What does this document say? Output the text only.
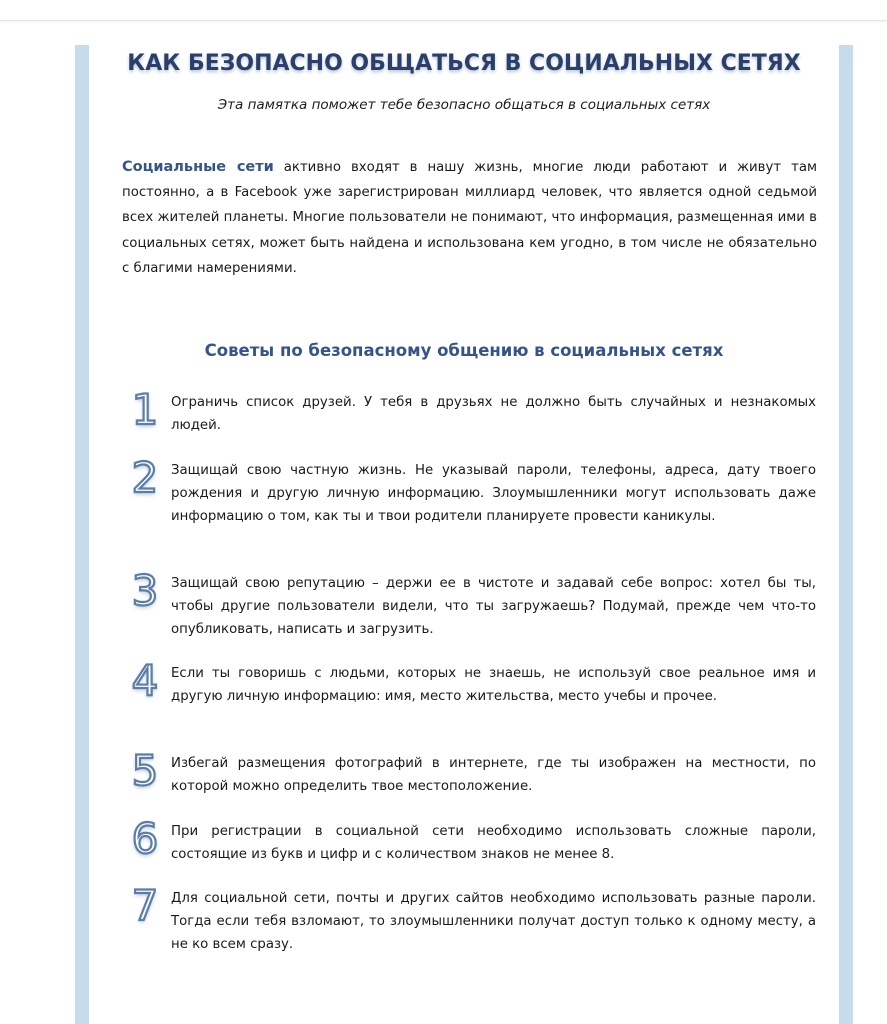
КАК БЕЗОПАСНО ОБЩАТЬСЯ В СОЦИАЛЬНЫХ СЕТЯХ
Эта памятка поможет тебе безопасно общаться в социальных сетях
Социальные сети активно входят в нашу жизнь, многие люди работают и живут там постоянно, а в Facebook уже зарегистрирован миллиард человек, что является одной седьмой всех жителей планеты. Многие пользователи не понимают, что информация, размещенная ими в социальных сетях, может быть найдена и использована кем угодно, в том числе не обязательно с благими намерениями.
Советы по безопасному общению в социальных сетях
1 Ограничь список друзей. У тебя в друзьях не должно быть случайных и незнакомых людей.
2 Защищай свою частную жизнь. Не указывай пароли, телефоны, адреса, дату твоего рождения и другую личную информацию. Злоумышленники могут использовать даже информацию о том, как ты и твои родители планируете провести каникулы.
3 Защищай свою репутацию – держи ее в чистоте и задавай себе вопрос: хотел бы ты, чтобы другие пользователи видели, что ты загружаешь? Подумай, прежде чем что-то опубликовать, написать и загрузить.
4 Если ты говоришь с людьми, которых не знаешь, не используй свое реальное имя и другую личную информацию: имя, место жительства, место учебы и прочее.
5 Избегай размещения фотографий в интернете, где ты изображен на местности, по которой можно определить твое местоположение.
6 При регистрации в социальной сети необходимо использовать сложные пароли, состоящие из букв и цифр и с количеством знаков не менее 8.
7 Для социальной сети, почты и других сайтов необходимо использовать разные пароли. Тогда если тебя взломают, то злоумышленники получат доступ только к одному месту, а не ко всем сразу.
